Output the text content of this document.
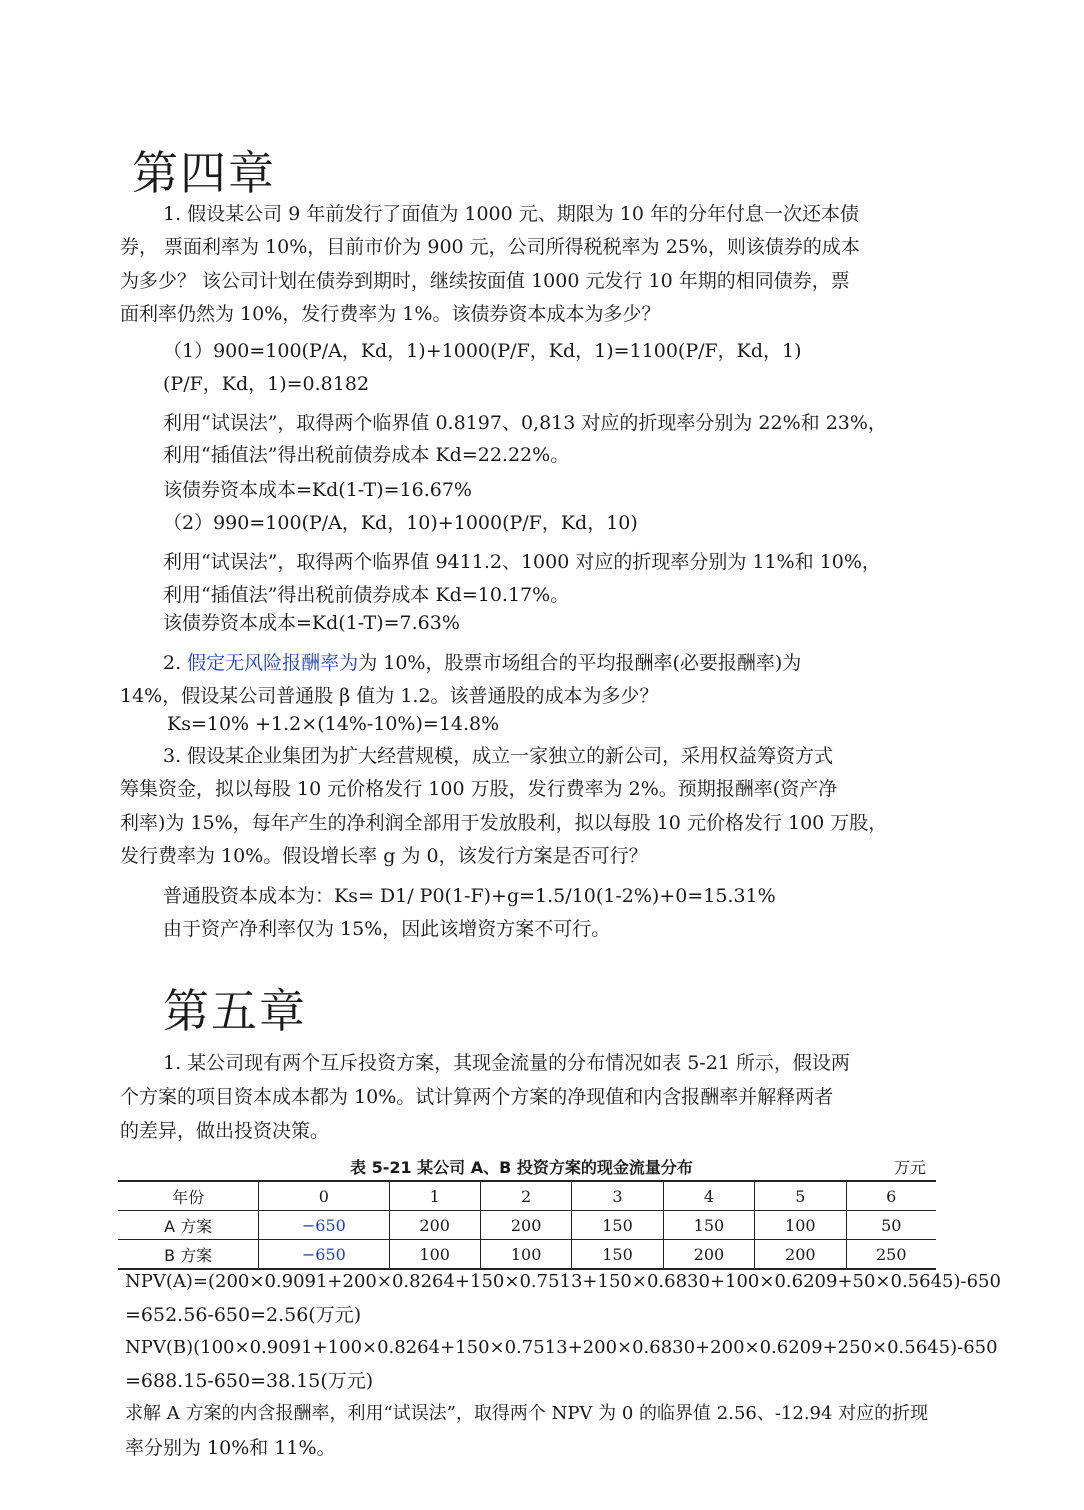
第四章
1. 假设某公司 9 年前发行了面值为 1000 元、期限为 10 年的分年付息一次还本债
券， 票面利率为 10%，目前市价为 900 元，公司所得税税率为 25%，则该债券的成本
为多少？ 该公司计划在债券到期时，继续按面值 1000 元发行 10 年期的相同债券，票
面利率仍然为 10%，发行费率为 1%。该债券资本成本为多少？
（1）900=100(P/A，Kd，1)+1000(P/F，Kd，1)=1100(P/F，Kd，1)
(P/F，Kd，1)=0.8182
利用“试误法”，取得两个临界值 0.8197、0,813 对应的折现率分别为 22%和 23%，
利用“插值法”得出税前债券成本 Kd=22.22%。
该债券资本成本=Kd(1-T)=16.67%
（2）990=100(P/A，Kd，10)+1000(P/F，Kd，10)
利用“试误法”，取得两个临界值 9411.2、1000 对应的折现率分别为 11%和 10%，
利用“插值法”得出税前债券成本 Kd=10.17%。
该债券资本成本=Kd(1-T)=7.63%
2. 假定无风险报酬率为为 10%，股票市场组合的平均报酬率(必要报酬率)为
14%，假设某公司普通股 β 值为 1.2。该普通股的成本为多少？
Ks=10% +1.2×(14%-10%)=14.8%
3. 假设某企业集团为扩大经营规模，成立一家独立的新公司，采用权益筹资方式
筹集资金，拟以每股 10 元价格发行 100 万股，发行费率为 2%。预期报酬率(资产净
利率)为 15%，每年产生的净利润全部用于发放股利，拟以每股 10 元价格发行 100 万股，
发行费率为 10%。假设增长率 g 为 0，该发行方案是否可行？
普通股资本成本为：Ks= D1/ P0(1-F)+g=1.5/10(1-2%)+0=15.31%
由于资产净利率仅为 15%，因此该增资方案不可行。
第五章
1. 某公司现有两个互斥投资方案，其现金流量的分布情况如表 5-21 所示，假设两
个方案的项目资本成本都为 10%。试计算两个方案的净现值和内含报酬率并解释两者
的差异，做出投资决策。
表 5-21 某公司 A、B 投资方案的现金流量分布	万元
年份	0	1	2	3	4	5	6
A 方案	−650	200	200	150	150	100	50
B 方案	−650	100	100	150	200	200	250
NPV(A)=(200×0.9091+200×0.8264+150×0.7513+150×0.6830+100×0.6209+50×0.5645)-650
=652.56-650=2.56(万元)
NPV(B)(100×0.9091+100×0.8264+150×0.7513+200×0.6830+200×0.6209+250×0.5645)-650
=688.15-650=38.15(万元)
求解 A 方案的内含报酬率，利用“试误法”，取得两个 NPV 为 0 的临界值 2.56、-12.94 对应的折现
率分别为 10%和 11%。
